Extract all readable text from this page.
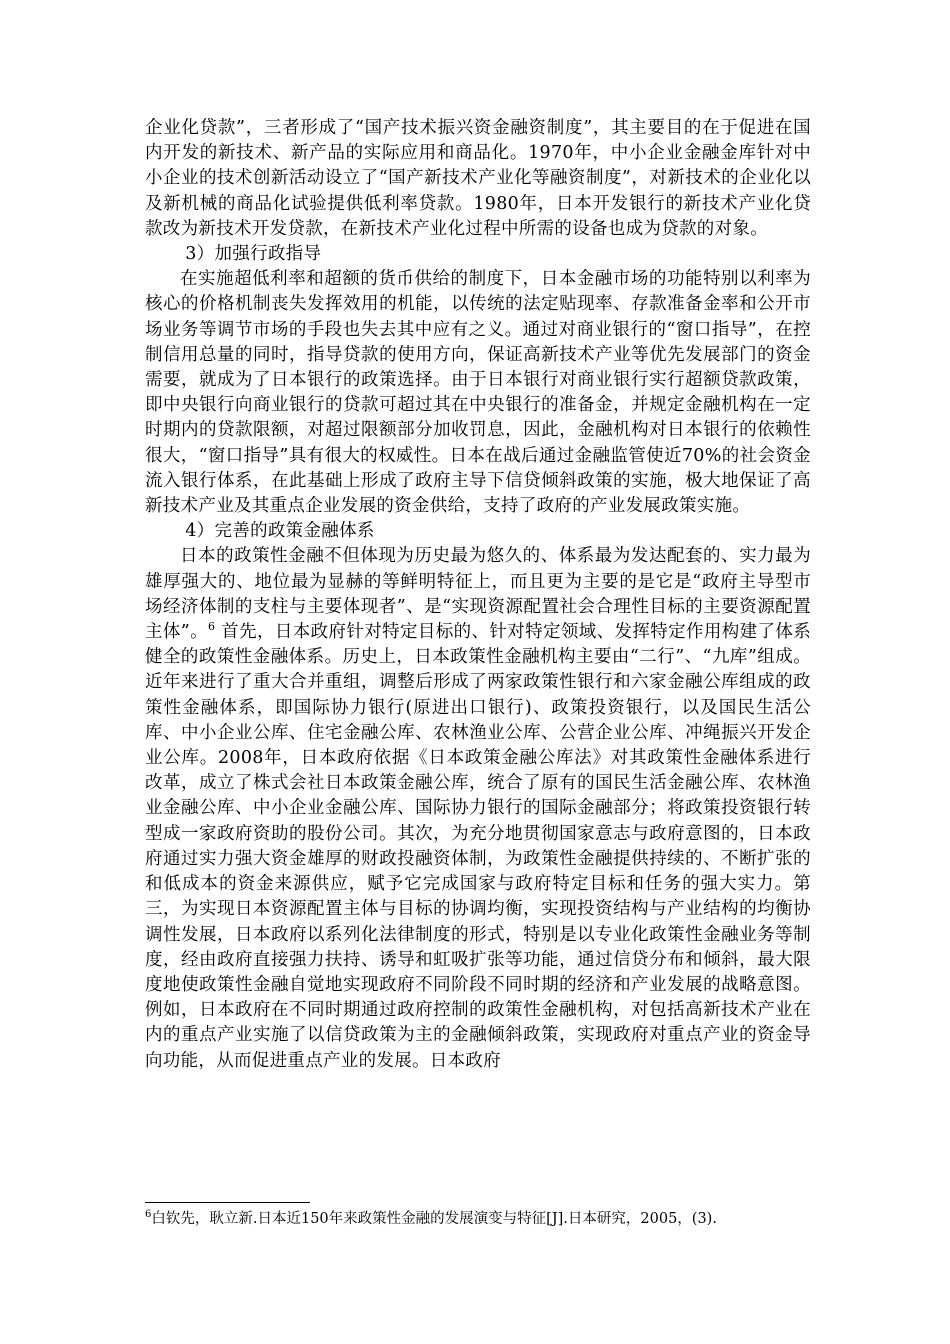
企业化贷款”，三者形成了“国产技术振兴资金融资制度”，其主要目的在于促进在国内开发的新技术、新产品的实际应用和商品化。1970年，中小企业金融金库针对中小企业的技术创新活动设立了“国产新技术产业化等融资制度”，对新技术的企业化以及新机械的商品化试验提供低利率贷款。1980年，日本开发银行的新技术产业化贷款改为新技术开发贷款，在新技术产业化过程中所需的设备也成为贷款的对象。

3）加强行政指导

在实施超低利率和超额的货币供给的制度下，日本金融市场的功能特别以利率为核心的价格机制丧失发挥效用的机能，以传统的法定贴现率、存款准备金率和公开市场业务等调节市场的手段也失去其中应有之义。通过对商业银行的“窗口指导”，在控制信用总量的同时，指导贷款的使用方向，保证高新技术产业等优先发展部门的资金需要，就成为了日本银行的政策选择。由于日本银行对商业银行实行超额贷款政策，即中央银行向商业银行的贷款可超过其在中央银行的准备金，并规定金融机构在一定时期内的贷款限额，对超过限额部分加收罚息，因此，金融机构对日本银行的依赖性很大，“窗口指导”具有很大的权威性。日本在战后通过金融监管使近70%的社会资金流入银行体系，在此基础上形成了政府主导下信贷倾斜政策的实施，极大地保证了高新技术产业及其重点企业发展的资金供给，支持了政府的产业发展政策实施。

4）完善的政策金融体系

日本的政策性金融不但体现为历史最为悠久的、体系最为发达配套的、实力最为雄厚强大的、地位最为显赫的等鲜明特征上，而且更为主要的是它是“政府主导型市场经济体制的支柱与主要体现者”、是“实现资源配置社会合理性目标的主要资源配置主体”。$^6$ 首先，日本政府针对特定目标的、针对特定领域、发挥特定作用构建了体系健全的政策性金融体系。历史上，日本政策性金融机构主要由“二行”、“九库”组成。近年来进行了重大合并重组，调整后形成了两家政策性银行和六家金融公库组成的政策性金融体系，即国际协力银行(原进出口银行)、政策投资银行，以及国民生活公库、中小企业公库、住宅金融公库、农林渔业公库、公营企业公库、冲绳振兴开发企业公库。2008年，日本政府依据《日本政策金融公库法》对其政策性金融体系进行改革，成立了株式会社日本政策金融公库，统合了原有的国民生活金融公库、农林渔业金融公库、中小企业金融公库、国际协力银行的国际金融部分；将政策投资银行转型成一家政府资助的股份公司。其次，为充分地贯彻国家意志与政府意图的，日本政府通过实力强大资金雄厚的财政投融资体制，为政策性金融提供持续的、不断扩张的和低成本的资金来源供应，赋予它完成国家与政府特定目标和任务的强大实力。第三，为实现日本资源配置主体与目标的协调均衡，实现投资结构与产业结构的均衡协调性发展，日本政府以系列化法律制度的形式，特别是以专业化政策性金融业务等制度，经由政府直接强力扶持、诱导和虹吸扩张等功能，通过信贷分布和倾斜，最大限度地使政策性金融自觉地实现政府不同阶段不同时期的经济和产业发展的战略意图。例如，日本政府在不同时期通过政府控制的政策性金融机构，对包括高新技术产业在内的重点产业实施了以信贷政策为主的金融倾斜政策，实现政府对重点产业的资金导向功能，从而促进重点产业的发展。日本政府

$^6$白钦先，耿立新.日本近150年来政策性金融的发展演变与特征[J].日本研究，2005，(3).
